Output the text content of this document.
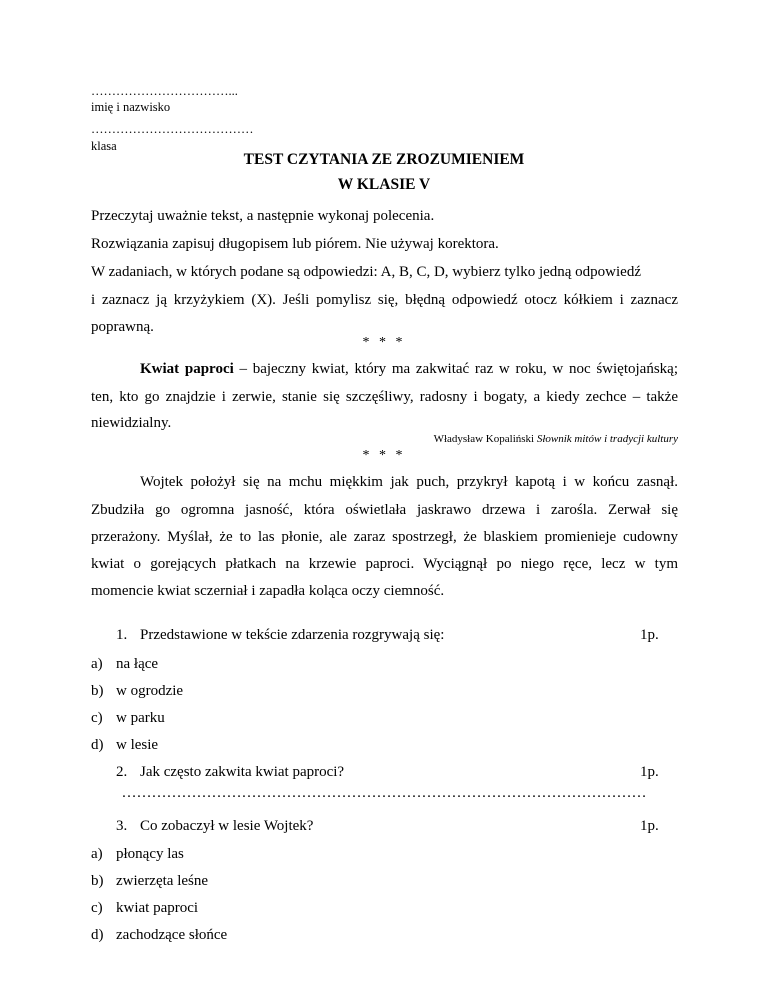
……………………………...
imię i nazwisko
…………………………………
klasa
TEST CZYTANIA ZE ZROZUMIENIEM
W KLASIE V
Przeczytaj uważnie tekst, a następnie wykonaj polecenia.
Rozwiązania zapisuj długopisem lub piórem. Nie używaj korektora.
W zadaniach, w których podane są odpowiedzi: A, B, C, D, wybierz tylko jedną odpowiedź
i zaznacz ją krzyżykiem (X). Jeśli pomylisz się, błędną odpowiedź otocz kółkiem i zaznacz
poprawną.
* * *
Kwiat paproci – bajeczny kwiat, który ma zakwitać raz w roku, w noc świętojańską;
ten, kto go znajdzie i zerwie, stanie się szczęśliwy, radosny i bogaty, a kiedy zechce – także
niewidzialny.
Władysław Kopaliński Słownik mitów i tradycji kultury
* * *
Wojtek położył się na mchu miękkim jak puch, przykrył kapotą i w końcu zasnął.
Zbudziła go ogromna jasność, która oświetlała jaskrawo drzewa i zarośla. Zerwał się
przerażony. Myślał, że to las płonie, ale zaraz spostrzegł, że blaskiem promienieje cudowny
kwiat o gorejących płatkach na krzewie paproci. Wyciągnął po niego ręce, lecz w tym
momencie kwiat sczerniał i zapadła koląca oczy ciemność.
1. Przedstawione w tekście zdarzenia rozgrywają się:	1p.
a) na łące
b) w ogrodzie
c) w parku
d) w lesie
2. Jak często zakwita kwiat paproci?	1p.
……………………………………………………………………………………………
3. Co zobaczył w lesie Wojtek?	1p.
a) płonący las
b) zwierzęta leśne
c) kwiat paproci
d) zachodzące słońce
